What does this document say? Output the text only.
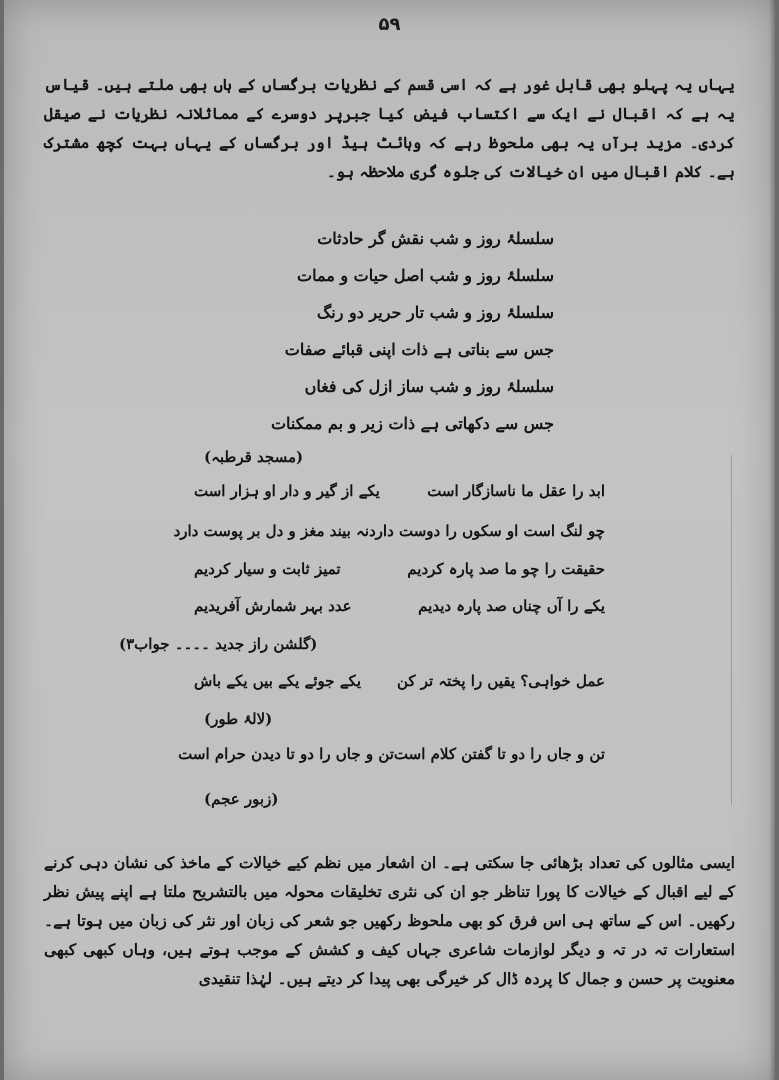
۵۹
یہاں یہ پہلو بھی قابل غور ہے کہ اسی قسم کے نظریات برگساں کے ہاں بھی ملتے ہیں۔ قیاس یہ ہے کہ اقبال نے ایک سے اکتساب فیض کیا جبرپر دوسرے کے مماثلانہ نظریات نے صیقل کردی۔ مزید برآں یہ بھی ملحوظ رہے کہ وہائٹ ہیڈ اور برگساں کے یہاں بہت کچھ مشترک ہے۔ کلام اقبال میں ان خیالات کی جلوہ گری ملاحظہ ہو۔
سلسلۂ روز و شب نقش گر حادثات
سلسلۂ روز و شب اصل حیات و ممات
سلسلۂ روز و شب تار حریر دو رنگ
جس سے بناتی ہے ذات اپنی قبائے صفات
سلسلۂ روز و شب ساز ازل کی فغاں
جس سے دکھاتی ہے ذات زیر و بم ممکنات
(مسجد قرطبہ)
ابد را عقل ما ناسازگار است
یکے از گیر و دار او ہزار است
چو لنگ است او سکوں را دوست دارد
نہ بیند مغز و دل بر پوست دارد
حقیقت را چو ما صد پارہ کردیم
تمیز ثابت و سیار کردیم
یکے را آں چناں صد پارہ دیدیم
عدد بہر شمارش آفریدیم
(گلشن راز جدید ۔۔۔۔ جواب۳)
عمل خواہی؟ یقیں را پختہ تر کن
یکے جوئے یکے بیں یکے باش
(لالۂ طور)
تن و جاں را دو تا گفتن کلام است
تن و جاں را دو تا دیدن حرام است
(زبور عجم)
ایسی مثالوں کی تعداد بڑھائی جا سکتی ہے۔ ان اشعار میں نظم کیے خیالات کے ماخذ کی نشان دہی کرنے کے لیے اقبال کے خیالات کا پورا تناظر جو ان کی نثری تخلیقات محولہ میں بالتشریح ملتا ہے اپنے پیش نظر رکھیں۔ اس کے ساتھ ہی اس فرق کو بھی ملحوظ رکھیں جو شعر کی زبان اور نثر کی زبان میں ہوتا ہے۔ استعارات تہ در تہ و دیگر لوازمات شاعری جہاں کیف و کشش کے موجب ہوتے ہیں، وہاں کبھی کبھی معنویت پر حسن و جمال کا پردہ ڈال کر خیرگی بھی پیدا کر دیتے ہیں۔ لہٰذا تنقیدی
